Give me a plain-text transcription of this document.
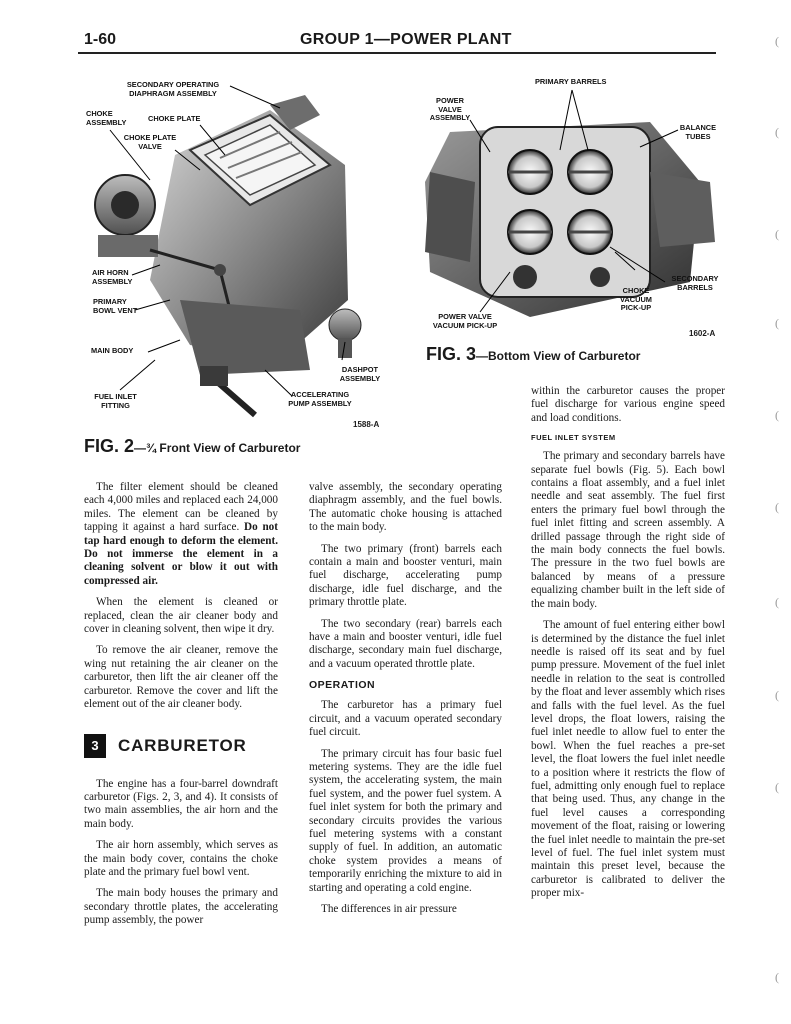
1-60	GROUP 1—POWER PLANT	(
(
(
(
(
(
(
(
(
(
SECONDARY OPERATING
DIAPHRAGM ASSEMBLY
CHOKE
ASSEMBLY	CHOKE PLATE
CHOKE PLATE
VALVE
AIR HORN
ASSEMBLY
PRIMARY
BOWL VENT
MAIN BODY
FUEL INLET
FITTING
ACCELERATING
PUMP ASSEMBLY
DASHPOT
ASSEMBLY
1588-A
FIG. 2—¾ Front View of Carburetor
PRIMARY BARRELS
POWER
VALVE
ASSEMBLY
BALANCE
TUBES
SECONDARY
BARRELS
CHOKE
VACUUM
PICK-UP
POWER VALVE
VACUUM PICK-UP
1602-A
FIG. 3—Bottom View of Carburetor

The filter element should be cleaned each 4,000 miles and replaced each 24,000 miles. The element can be cleaned by tapping it against a hard surface. Do not tap hard enough to deform the element. Do not immerse the element in a cleaning solvent or blow it out with compressed air.

When the element is cleaned or replaced, clean the air cleaner body and cover in cleaning solvent, then wipe it dry.

To remove the air cleaner, remove the wing nut retaining the air cleaner on the carburetor, then lift the air cleaner off the carburetor. Remove the cover and lift the element out of the air cleaner body.

3 CARBURETOR

The engine has a four-barrel downdraft carburetor (Figs. 2, 3, and 4). It consists of two main assemblies, the air horn and the main body.

The air horn assembly, which serves as the main body cover, contains the choke plate and the primary fuel bowl vent.

The main body houses the primary and secondary throttle plates, the accelerating pump assembly, the power

valve assembly, the secondary operating diaphragm assembly, and the fuel bowls. The automatic choke housing is attached to the main body.

The two primary (front) barrels each contain a main and booster venturi, main fuel discharge, accelerating pump discharge, idle fuel discharge, and the primary throttle plate.

The two secondary (rear) barrels each have a main and booster venturi, idle fuel discharge, secondary main fuel discharge, and a vacuum operated throttle plate.

OPERATION

The carburetor has a primary fuel circuit, and a vacuum operated secondary fuel circuit.

The primary circuit has four basic fuel metering systems. They are the idle fuel system, the accelerating system, the main fuel system, and the power fuel system. A fuel inlet system for both the primary and secondary circuits provides the various fuel metering systems with a constant supply of fuel. In addition, an automatic choke system provides a means of temporarily enriching the mixture to aid in starting and operating a cold engine.

The differences in air pressure

within the carburetor causes the proper fuel discharge for various engine speed and load conditions.

FUEL INLET SYSTEM

The primary and secondary barrels have separate fuel bowls (Fig. 5). Each bowl contains a float assembly, and a fuel inlet needle and seat assembly. The fuel first enters the primary fuel bowl through the fuel inlet fitting and screen assembly. A drilled passage through the right side of the main body connects the fuel bowls. The pressure in the two fuel bowls are balanced by means of a pressure equalizing chamber built in the left side of the main body.

The amount of fuel entering either bowl is determined by the distance the fuel inlet needle is raised off its seat and by fuel pump pressure. Movement of the fuel inlet needle in relation to the seat is controlled by the float and lever assembly which rises and falls with the fuel level. As the fuel level drops, the float lowers, raising the fuel inlet needle to allow fuel to enter the bowl. When the fuel reaches a pre-set level, the float lowers the fuel inlet needle to a position where it restricts the flow of fuel, admitting only enough fuel to replace that being used. Thus, any change in the fuel level causes a corresponding movement of the float, raising or lowering the fuel inlet needle to maintain the pre-set level of fuel. The fuel inlet system must maintain this preset level, because the carburetor is calibrated to deliver the proper mix-
